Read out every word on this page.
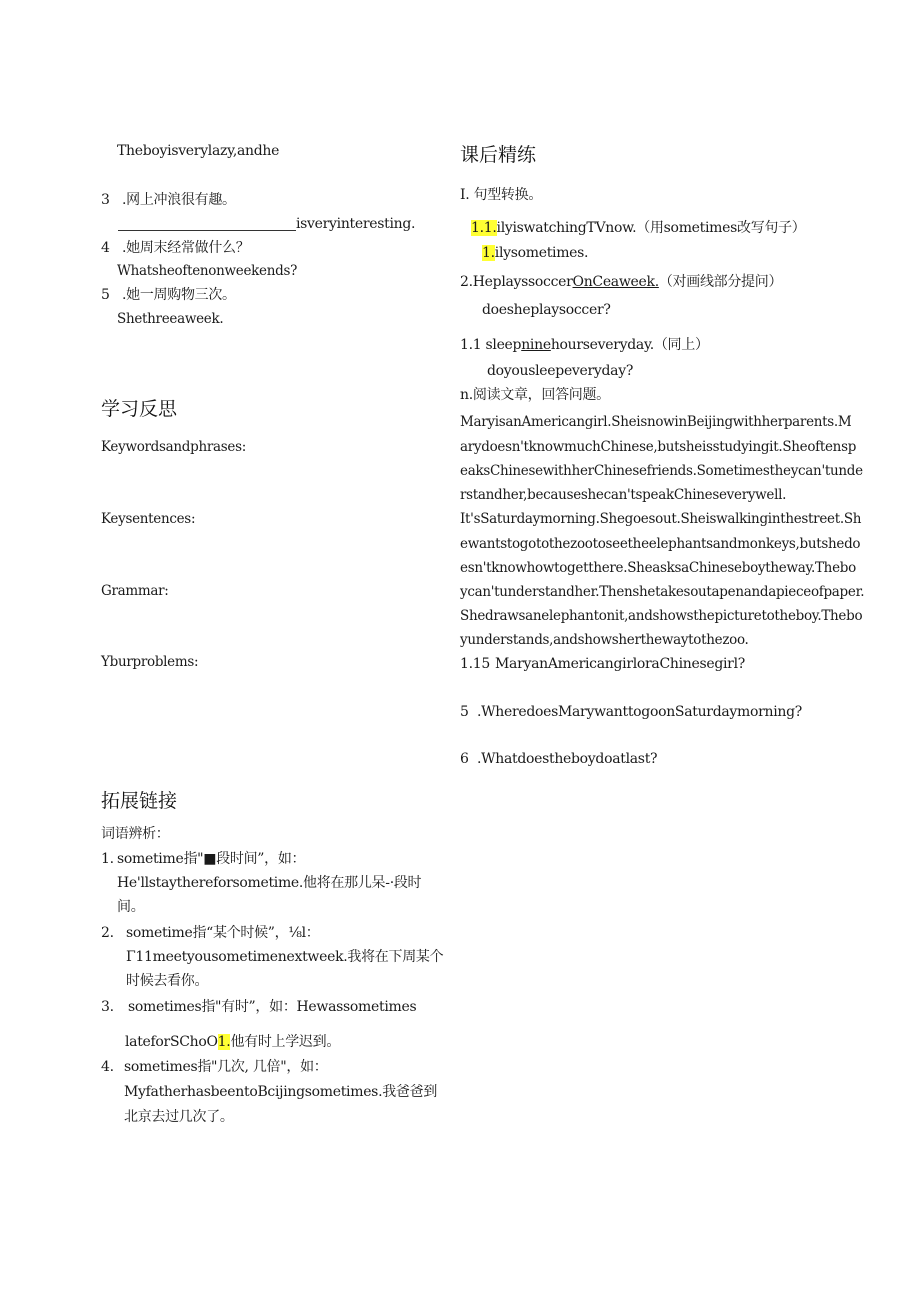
Theboyisverylazy,andhe
3 .网上冲浪很有趣。
isveryinteresting.
4 .她周末经常做什么？
Whatsheoftenonweekends?
5 .她一周购物三次。
Shethreeaweek.
学习反思
Keywordsandphrases:
Keysentences:
Grammar:
Yburproblems:
拓展链接
词语辨析：
1. sometime指"■段时间”，如：
He'llstaythereforsometime.他将在那儿呆-·段时
间。
2. sometime指“某个时候”，⅛l：
Γ11meetyousometimenextweek.我将在下周某个
时候去看你。
3. sometimes指"有时”，如：Hewassometimes
lateforSChoO1.他有时上学迟到。
4. sometimes指"几次, 几倍"，如：
MyfatherhasbeentoBcijingsometimes.我爸爸到
北京去过几次了。
课后精练
I. 句型转换。
1.1.ilyiswatchingTVnow.（用sometimes改写句子）
1.ilysometimes.
2.HeplayssoccerOnCeaweek.（对画线部分提问）
doesheplaysoccer?
1.1 sleepninehourseveryday.（同上）
doyousleepeveryday?
n.阅读文章，回答问题。
MaryisanAmericangirl.SheisnowinBeijingwithherparents.M
arydoesn'tknowmuchChinese,butsheisstudyingit.Sheoftensp
eaksChinesewithherChinesefriends.Sometimestheycan'tunde
rstandher,becauseshecan'tspeakChineseverywell.
It'sSaturdaymorning.Shegoesout.Sheiswalkinginthestreet.Sh
ewantstogotothezootoseetheelephantsandmonkeys,butshedo
esn'tknowhowtogetthere.SheasksaChineseboytheway.Thebo
ycan'tunderstandher.Thenshetakesoutapenandapieceofpaper.
Shedrawsanelephantonit,andshowsthepicturetotheboy.Thebo
yunderstands,andshowsherthewaytothezoo.
1.15 MaryanAmericangirloraChinesegirl?
5 .WheredoesMarywanttogoonSaturdaymorning?
6 .Whatdoestheboydoatlast?
